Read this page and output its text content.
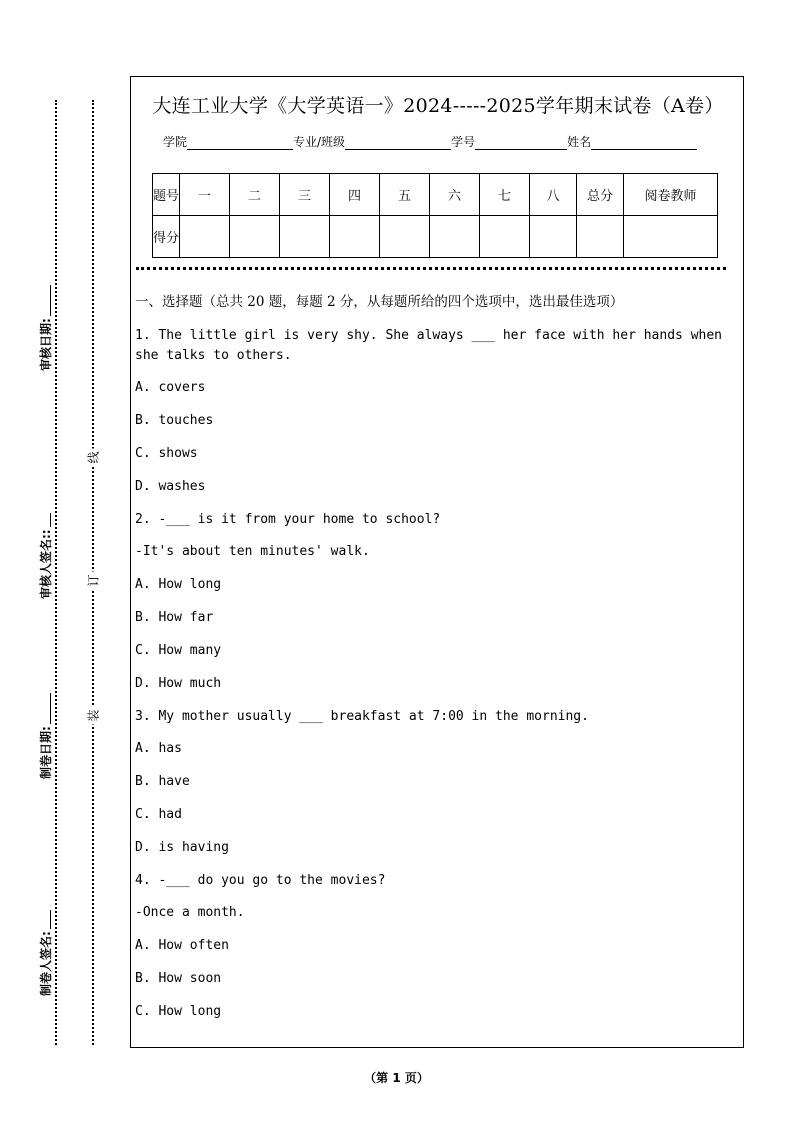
审核日期:
审核人签名::
制卷日期:
制卷人签名:
线
订
装
大连工业大学《大学英语一》2024-----2025学年期末试卷（A卷）
学院	专业/班级	学号	姓名
题号	一	二	三	四	五	六	七	八	总分	阅卷教师
得分										
一、选择题（总共 20 题，每题 2 分，从每题所给的四个选项中，选出最佳选项）
1. The little girl is very shy. She always ___ her face with her hands when she talks to others.
A. covers
B. touches
C. shows
D. washes
2. -___ is it from your home to school?
-It's about ten minutes' walk.
A. How long
B. How far
C. How many
D. How much
3. My mother usually ___ breakfast at 7:00 in the morning.
A. has
B. have
C. had
D. is having
4. -___ do you go to the movies?
-Once a month.
A. How often
B. How soon
C. How long
（第 1 页）
